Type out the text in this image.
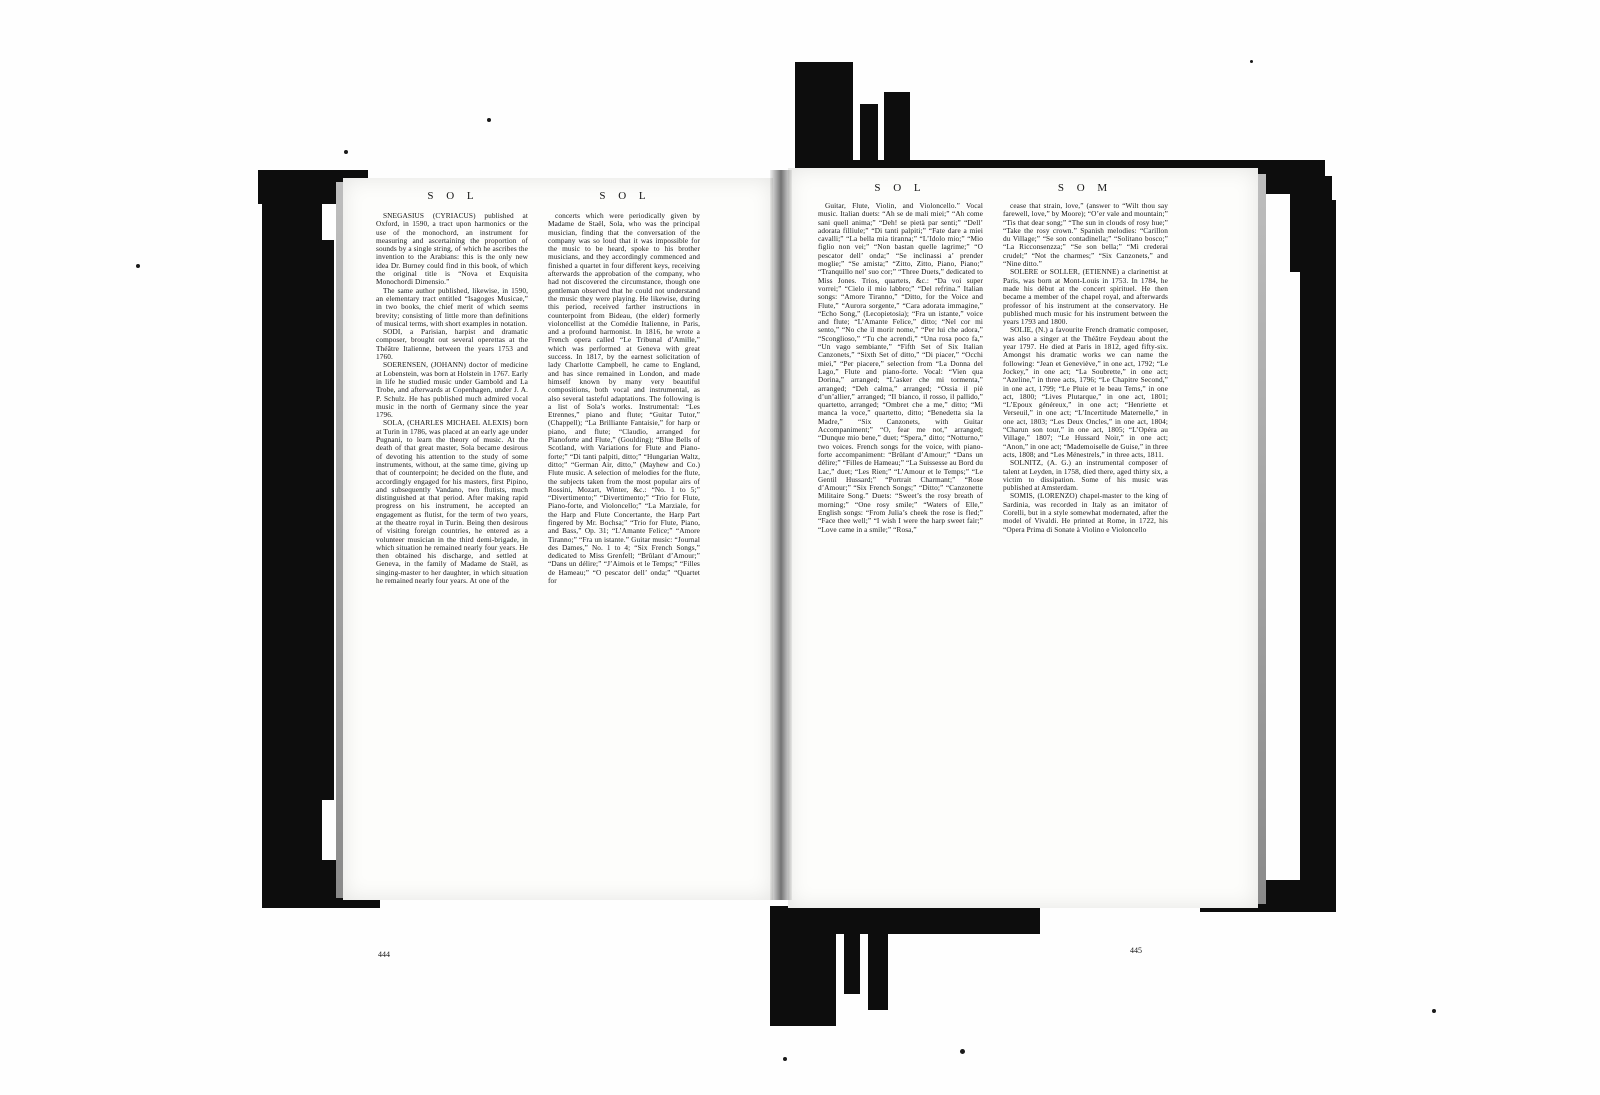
S O L	S O L
S O L	S O M

SNEGASIUS (CYRIACUS) published at Oxford, in 1590, a tract upon harmonics or the use of the monochord, an instrument for measuring and ascertaining the proportion of sounds by a single string, of which he ascribes the invention to the Arabians: this is the only new idea Dr. Burney could find in this book, of which the original title is “Nova et Exquisita Monochordi Dimensio.”

The same author published, likewise, in 1590, an elementary tract entitled “Isagoges Musicae,” in two books, the chief merit of which seems brevity; consisting of little more than definitions of musical terms, with short examples in notation.

SODI, a Parisian, harpist and dramatic composer, brought out several operettas at the Théâtre Italienne, between the years 1753 and 1760.

SOERENSEN, (JOHANN) doctor of medicine at Lobenstein, was born at Holstein in 1767. Early in life he studied music under Gambold and La Trobe, and afterwards at Copenhagen, under J. A. P. Schulz. He has published much admired vocal music in the north of Germany since the year 1796.

SOLA, (CHARLES MICHAEL ALEXIS) born at Turin in 1786, was placed at an early age under Pugnani, to learn the theory of music. At the death of that great master, Sola became desirous of devoting his attention to the study of some instruments, without, at the same time, giving up that of counterpoint; he decided on the flute, and accordingly engaged for his masters, first Pipino, and subsequently Vandano, two flutists, much distinguished at that period. After making rapid progress on his instrument, he accepted an engagement as flutist, for the term of two years, at the theatre royal in Turin. Being then desirous of visiting foreign countries, he entered as a volunteer musician in the third demi-brigade, in which situation he remained nearly four years. He then obtained his discharge, and settled at Geneva, in the family of Madame de Staël, as singing-master to her daughter, in which situation he remained nearly four years. At one of the

concerts which were periodically given by Madame de Staël, Sola, who was the principal musician, finding that the conversation of the company was so loud that it was impossible for the music to be heard, spoke to his brother musicians, and they accordingly commenced and finished a quartet in four different keys, receiving afterwards the approbation of the company, who had not discovered the circumstance, though one gentleman observed that he could not understand the music they were playing. He likewise, during this period, received farther instructions in counterpoint from Bideau, (the elder) formerly violoncellist at the Comédie Italienne, in Paris, and a profound harmonist. In 1816, he wrote a French opera called “Le Tribunal d’Amille,” which was performed at Geneva with great success. In 1817, by the earnest solicitation of lady Charlotte Campbell, he came to England, and has since remained in London, and made himself known by many very beautiful compositions, both vocal and instrumental, as also several tasteful adaptations. The following is a list of Sola’s works. Instrumental: “Les Etrennes,” piano and flute; “Guitar Tutor,” (Chappell); “La Brilliante Fantaisie,” for harp or piano, and flute; “Claudio, arranged for Pianoforte and Flute,” (Goulding); “Blue Bells of Scotland, with Variations for Flute and Piano-forte;” “Di tanti palpiti, ditto;” “Hungarian Waltz, ditto;” “German Air, ditto,” (Mayhew and Co.) Flute music. A selection of melodies for the flute, the subjects taken from the most popular airs of Rossini, Mozart, Winter, &c.: “No. 1 to 5;” “Divertimento;” “Divertimento;” “Trio for Flute, Piano-forte, and Violoncello;” “La Marziale, for the Harp and Flute Concertante, the Harp Part fingered by Mr. Bochsa;” “Trio for Flute, Piano, and Bass,” Op. 31; “L’Amante Felice;” “Amore Tiranno;” “Fra un istante.” Guitar music: “Journal des Dames,” No. 1 to 4; “Six French Songs,” dedicated to Miss Grenfell; “Brûlant d’Amour;” “Dans un délire;” “J’Aimois et le Temps;” “Filles de Hameau;” “O pescator dell’ onda;” “Quartet for

Guitar, Flute, Violin, and Violoncello.” Vocal music. Italian duets: “Ah se de mali miei;” “Ah come sani quell anima;” “Deh! se pietà par senti;” “Dell’ adorata filliule;” “Di tanti palpiti;” “Fate dare a miei cavalli;” “La bella mia tiranna;” “L’Idolo mio;” “Mio figlio non vei;” “Non bastan quelle lagrime;” “O pescator dell’ onda;” “Se inclinassi a’ prender moglie;” “Se amista;” “Zitto, Zitto, Piano, Piano;” “Tranquillo nel’ suo cor;” “Three Duets,” dedicated to Miss Jones. Trios, quartets, &c.: “Da voi super vorrei;” “Cielo il mio labbro;” “Del refrina.” Italian songs: “Amore Tiranno,” “Ditto, for the Voice and Flute,” “Aurora sorgente,” “Cara adorata immagine,” “Echo Song,” (Lecopietosia); “Fra un istante,” voice and flute; “L’Amante Felice,” ditto; “Nel cor mi sento,” “No che il morir nome,” “Per lui che adora,” “Sconglioso,” “Tu che acrendi,” “Una rosa poco fa,” “Un vago sembiante,” “Fifth Set of Six Italian Canzonets,” “Sixth Set of ditto,” “Di piacer,” “Occhi miei,” “Per piacere,” selection from “La Donna del Lago,” Flute and piano-forte. Vocal: “Vien qua Dorina,” arranged; “L’asker che mi tormenta,” arranged; “Deh calma,” arranged; “Ossia il piè d’un’allier,” arranged; “Il bianco, il rosso, il pallido,” quartetto, arranged; “Ombret che a me,” ditto; “Mi manca la voce,” quartetto, ditto; “Benedetta sia la Madre,” “Six Canzonets, with Guitar Accompaniment;” “O, fear me not,” arranged; “Dunque mio bene,” duet; “Spera,” ditto; “Notturno,” two voices. French songs for the voice, with piano-forte accompaniment: “Brûlant d’Amour;” “Dans un délire;” “Filles de Hameau;” “La Suissesse au Bord du Lac,” duet; “Les Rien;” “L’Amour et le Temps;” “Le Gentil Hussard;” “Portrait Charmant;” “Rose d’Amour;” “Six French Songs;” “Ditto;” “Canzonette Militaire Song.” Duets: “Sweet’s the rosy breath of morning;” “One rosy smile;” “Waters of Elle,” English songs: “From Julia’s cheek the rose is fled;” “Face thee well;” “I wish I were the harp sweet fair;” “Love came in a smile;” “Rosa,”

cease that strain, love,” (answer to “Wilt thou say farewell, love,” by Moore); “O’er vale and mountain;” “Tis that dear song;” “The sun in clouds of rosy hue;” “Take the rosy crown.” Spanish melodies: “Carillon du Village;” “Se son contadinella;” “Solitano bosco;” “La Ricconsenzza;” “Se son bella;” “Mi crederai crudel;” “Not the charmes;” “Six Canzonets,” and “Nine ditto.”

SOLERE or SOLLER, (ETIENNE) a clarinettist at Paris, was born at Mont-Louis in 1753. In 1784, he made his début at the concert spirituel. He then became a member of the chapel royal, and afterwards professor of his instrument at the conservatory. He published much music for his instrument between the years 1793 and 1800.

SOLIE, (N.) a favourite French dramatic composer, was also a singer at the Théâtre Feydeau about the year 1797. He died at Paris in 1812, aged fifty-six. Amongst his dramatic works we can name the following: “Jean et Geneviève,” in one act, 1792; “Le Jockey,” in one act; “La Soubrette,” in one act; “Azeline,” in three acts, 1796; “Le Chapitre Second,” in one act, 1799; “Le Pluie et le beau Tems,” in one act, 1800; “Lives Plutarque,” in one act, 1801; “L’Epoux généreux,” in one act; “Henriette et Verseuil,” in one act; “L’Incertitude Maternelle,” in one act, 1803; “Les Deux Oncles,” in one act, 1804; “Charun son tour,” in one act, 1805; “L’Opéra au Village,” 1807; “Le Hussard Noir,” in one act; “Anon,” in one act; “Mademoiselle de Guise,” in three acts, 1808; and “Les Ménestrels,” in three acts, 1811.

SOLNITZ, (A. G.) an instrumental composer of talent at Leyden, in 1758, died there, aged thirty six, a victim to dissipation. Some of his music was published at Amsterdam.

SOMIS, (LORENZO) chapel-master to the king of Sardinia, was recorded in Italy as an imitator of Corelli, but in a style somewhat modernated, after the model of Vivaldi. He printed at Rome, in 1722, his “Opera Prima di Sonate à Violino e Violoncello

444	445
